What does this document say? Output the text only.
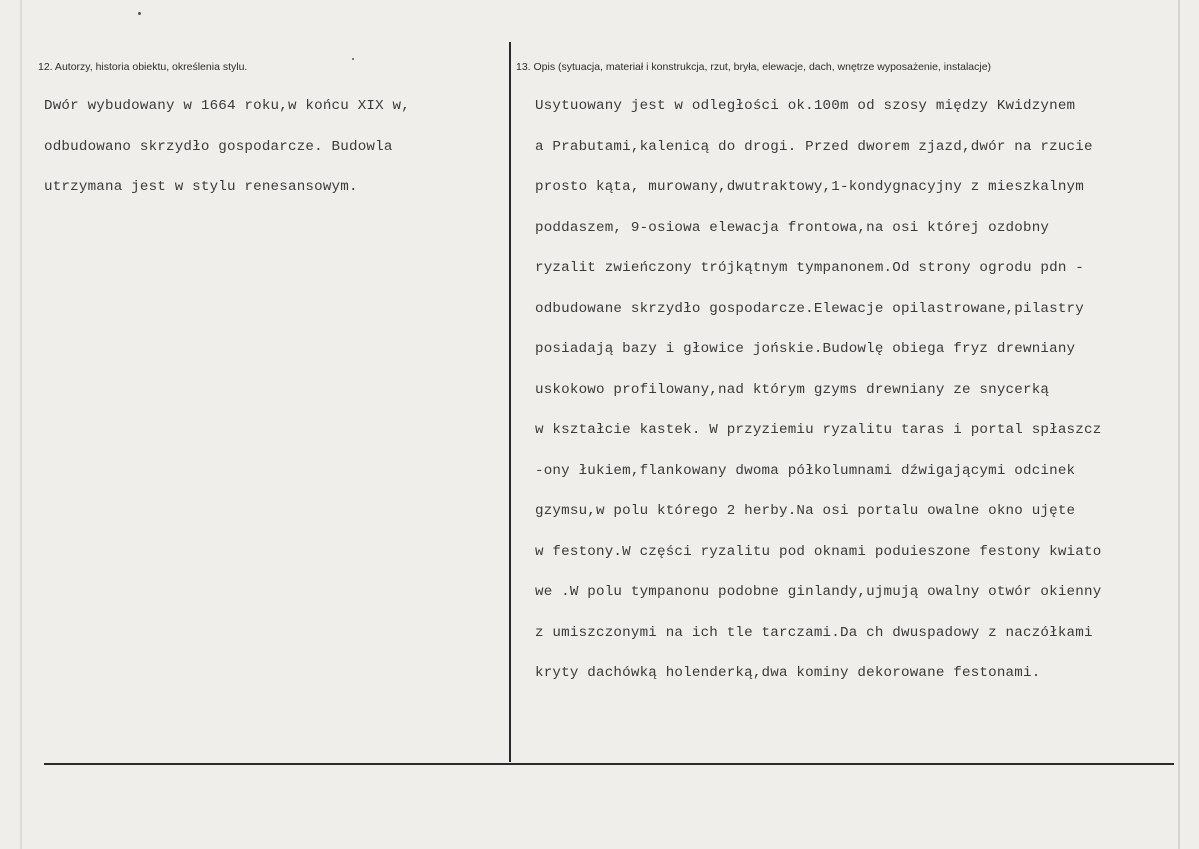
12. Autorzy, historia obiektu, określenia stylu.
Dwór wybudowany w 1664 roku,w końcu XIX w,
odbudowano skrzydło gospodarcze. Budowla
utrzymana jest w stylu renesansowym.
13. Opis (sytuacja, materiał i konstrukcja, rzut, bryła, elewacje, dach, wnętrze wyposażenie, instalacje)
Usytuowany jest w odległości ok.100m od szosy między Kwidzynem
a Prabutami,kalenicą do drogi. Przed dworem zjazd,dwór na rzucie
prosto kąta, murowany,dwutraktowy,1-kondygnacyjny z mieszkalnym
poddaszem, 9-osiowa elewacja frontowa,na osi której ozdobny
ryzalit zwieńczony trójkątnym tympanonem.Od strony ogrodu pdn -
odbudowane skrzydło gospodarcze.Elewacje opilastrowane,pilastry
posiadają bazy i głowice jońskie.Budowlę obiega fryz drewniany
uskokowo profilowany,nad którym gzyms drewniany ze snycerką
w kształcie kastek. W przyziemiu ryzalitu taras i portal spłaszcz
-ony łukiem,flankowany dwoma półkolumnami dźwigającymi odcinek
gzymsu,w polu którego 2 herby.Na osi portalu owalne okno ujęte
w festony.W części ryzalitu pod oknami poduieszone festony kwiato
we .W polu tympanonu podobne ginlandy,ujmują owalny otwór okienny
z umiszczonymi na ich tle tarczami.Da ch dwuspadowy z naczółkami
kryty dachówką holenderką,dwa kominy dekorowane festonami.
